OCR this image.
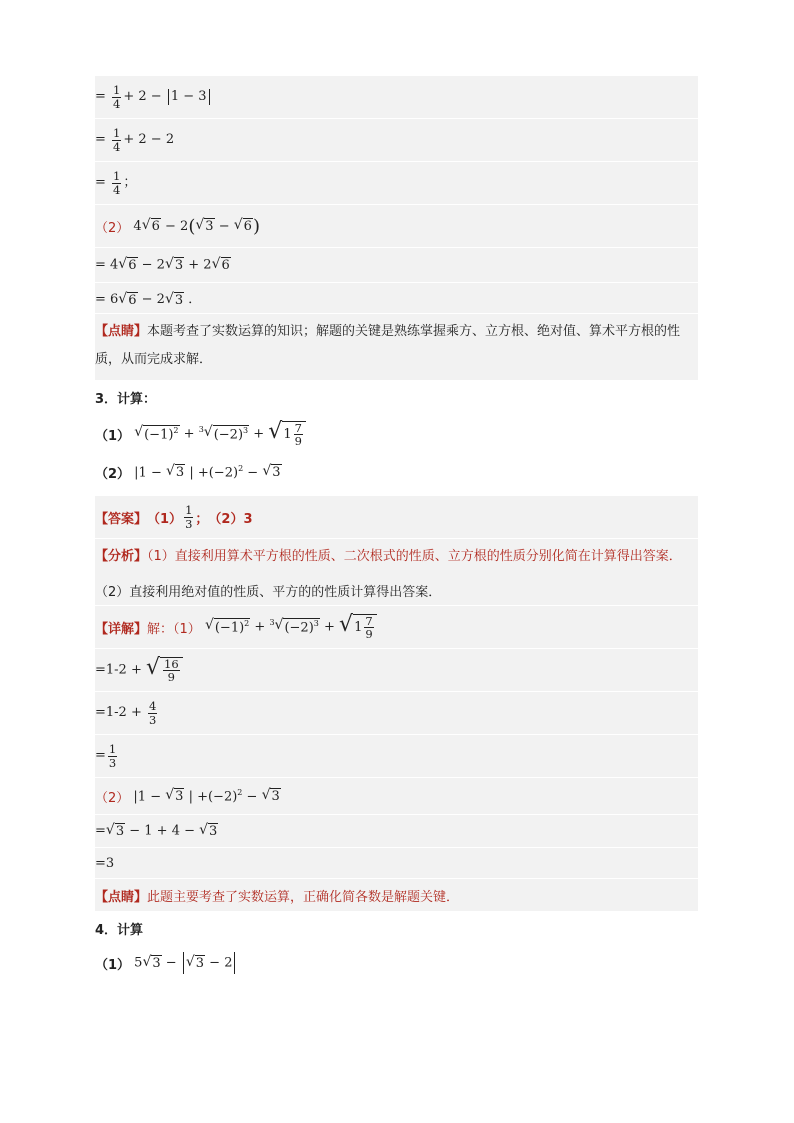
= $\frac{1}{4} + 2 - 1 - 3$
= $\frac{1}{4} + 2 - 2$
= $\frac{1}{4}$ ；
（2） 4 √ 6 − 2( √ 3 − √ 6 )
= 4 √ 6 − 2 √ 3 + 2 √ 6
= 6 √ 6 − 2 √ 3 ．
【点睛】本题考查了实数运算的知识；解题的关键是熟练掌握乘方、立方根、绝对值、算术平方根的性质，从而完成求解．
3．计算：
（1）
√ $(-1)^2 + ^3$ √ $(-2)^3$ + √ $1 \frac{7}{9}$
（2） |1 − √ 3 | $+(-2)^2$ − √ 3
【答案】 $(1) \frac{1}{3}$ ； （2）3
【分析】（1）直接利用算术平方根的性质、二次根式的性质、立方根的性质分别化简在计算得出答案．
（2）直接利用绝对值的性质、平方的的性质计算得出答案．
【详解】 解：（1）
√ $(-1)^2 + ^3$ √ $(-2)^3$ + √ $1 \frac{7}{9}$
=1-2 + √ $\frac{16}{9}$
$=1-2 + \frac{4}{3}$
= $\frac{1}{3}$
（2） |1 − √ 3 | $+(-2)^2$ − √ 3
= √ 3 − 1 + 4 − √ 3
=3
【点睛】 此题主要考查了实数运算，正确化简各数是解题关键．
4．计算
（1） 5 √ 3 − √ 3 − 2
